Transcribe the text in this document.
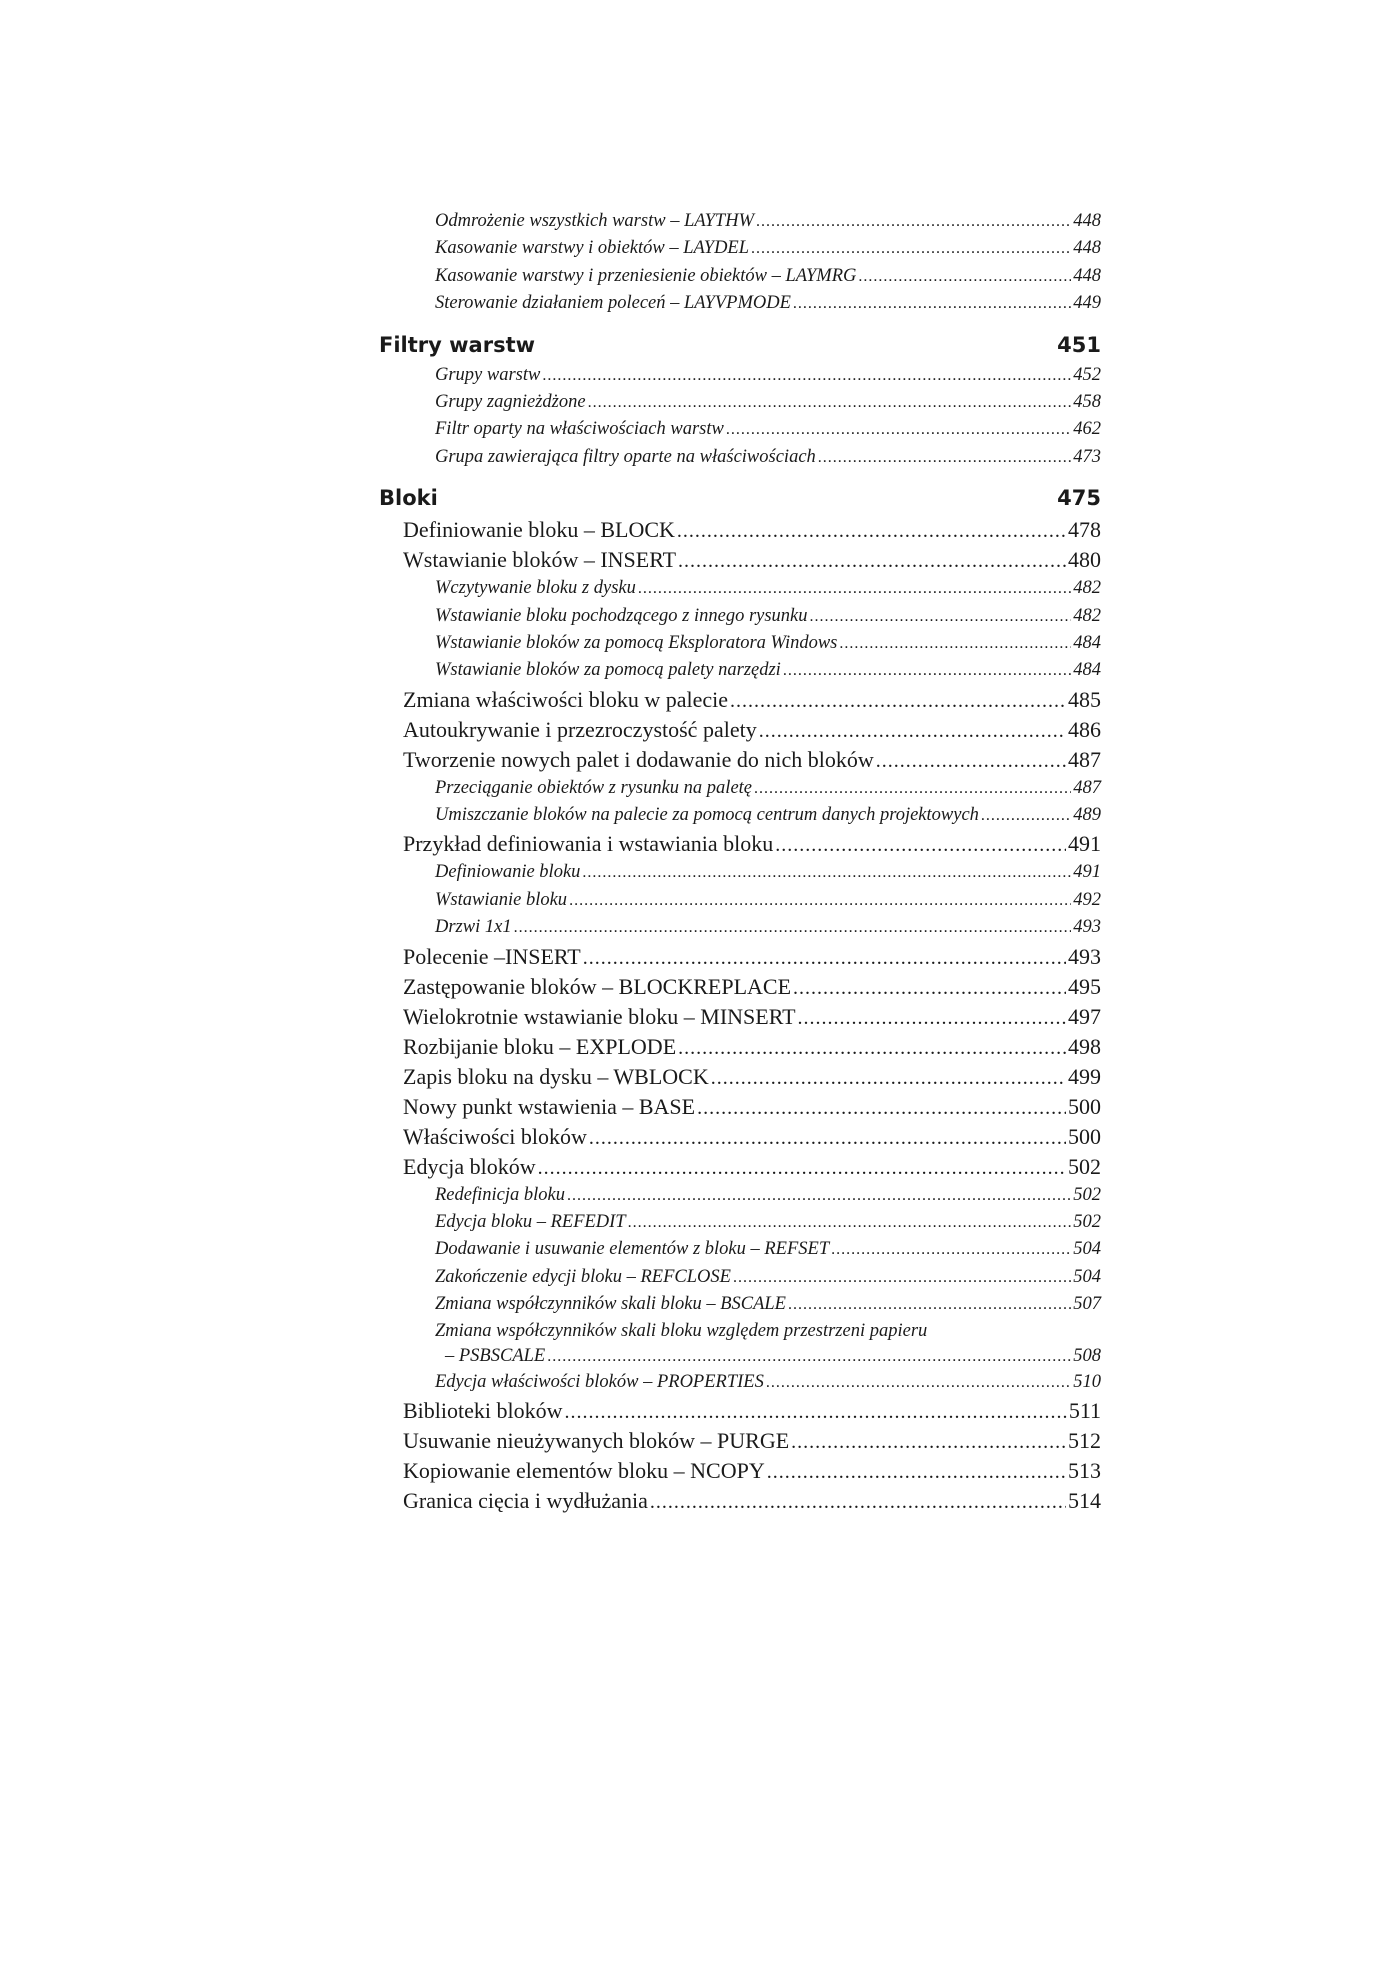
Odmrożenie wszystkich warstw – LAYTHW .....	448
Kasowanie warstwy i obiektów – LAYDEL .....	448
Kasowanie warstwy i przeniesienie obiektów – LAYMRG .....	448
Sterowanie działaniem poleceń – LAYVPMODE .....	449
Filtry warstw	451
Grupy warstw .....	452
Grupy zagnieżdżone .....	458
Filtr oparty na właściwościach warstw .....	462
Grupa zawierająca filtry oparte na właściwościach .....	473
Bloki	475
Definiowanie bloku – BLOCK .....	478
Wstawianie bloków – INSERT .....	480
Wczytywanie bloku z dysku .....	482
Wstawianie bloku pochodzącego z innego rysunku .....	482
Wstawianie bloków za pomocą Eksploratora Windows .....	484
Wstawianie bloków za pomocą palety narzędzi .....	484
Zmiana właściwości bloku w palecie .....	485
Autoukrywanie i przezroczystość palety .....	486
Tworzenie nowych palet i dodawanie do nich bloków .....	487
Przeciąganie obiektów z rysunku na paletę .....	487
Umiszczanie bloków na palecie za pomocą centrum danych projektowych .....	489
Przykład definiowania i wstawiania bloku .....	491
Definiowanie bloku .....	491
Wstawianie bloku .....	492
Drzwi 1x1 .....	493
Polecenie –INSERT .....	493
Zastępowanie bloków – BLOCKREPLACE .....	495
Wielokrotnie wstawianie bloku – MINSERT .....	497
Rozbijanie bloku – EXPLODE .....	498
Zapis bloku na dysku – WBLOCK .....	499
Nowy punkt wstawienia – BASE .....	500
Właściwości bloków .....	500
Edycja bloków .....	502
Redefinicja bloku .....	502
Edycja bloku – REFEDIT .....	502
Dodawanie i usuwanie elementów z bloku – REFSET .....	504
Zakończenie edycji bloku – REFCLOSE .....	504
Zmiana współczynników skali bloku – BSCALE .....	507
Zmiana współczynników skali bloku względem przestrzeni papieru
– PSBSCALE .....	508
Edycja właściwości bloków – PROPERTIES .....	510
Biblioteki bloków .....	511
Usuwanie nieużywanych bloków – PURGE .....	512
Kopiowanie elementów bloku – NCOPY .....	513
Granica cięcia i wydłużania .....	514
